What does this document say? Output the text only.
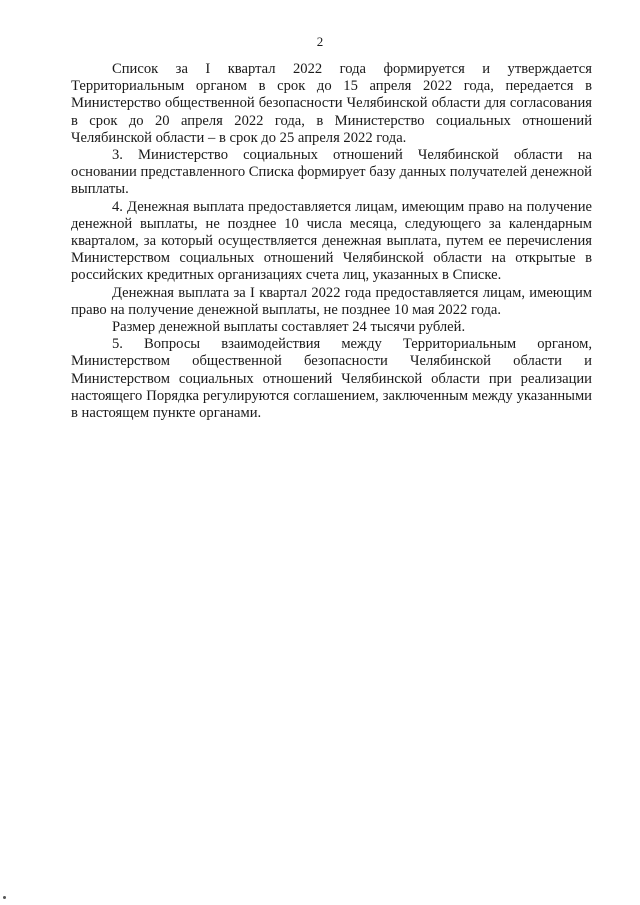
2

Список за I квартал 2022 года формируется и утверждается Территориальным органом в срок до 15 апреля 2022 года, передается в Министерство общественной безопасности Челябинской области для согласования в срок до 20 апреля 2022 года, в Министерство социальных отношений Челябинской области – в срок до 25 апреля 2022 года.

3. Министерство социальных отношений Челябинской области на основании представленного Списка формирует базу данных получателей денежной выплаты.

4. Денежная выплата предоставляется лицам, имеющим право на получение денежной выплаты, не позднее 10 числа месяца, следующего за календарным кварталом, за который осуществляется денежная выплата, путем ее перечисления Министерством социальных отношений Челябинской области на открытые в российских кредитных организациях счета лиц, указанных в Списке.

Денежная выплата за I квартал 2022 года предоставляется лицам, имеющим право на получение денежной выплаты, не позднее 10 мая 2022 года.

Размер денежной выплаты составляет 24 тысячи рублей.

5. Вопросы взаимодействия между Территориальным органом, Министерством общественной безопасности Челябинской области и Министерством социальных отношений Челябинской области при реализации настоящего Порядка регулируются соглашением, заключенным между указанными в настоящем пункте органами.
